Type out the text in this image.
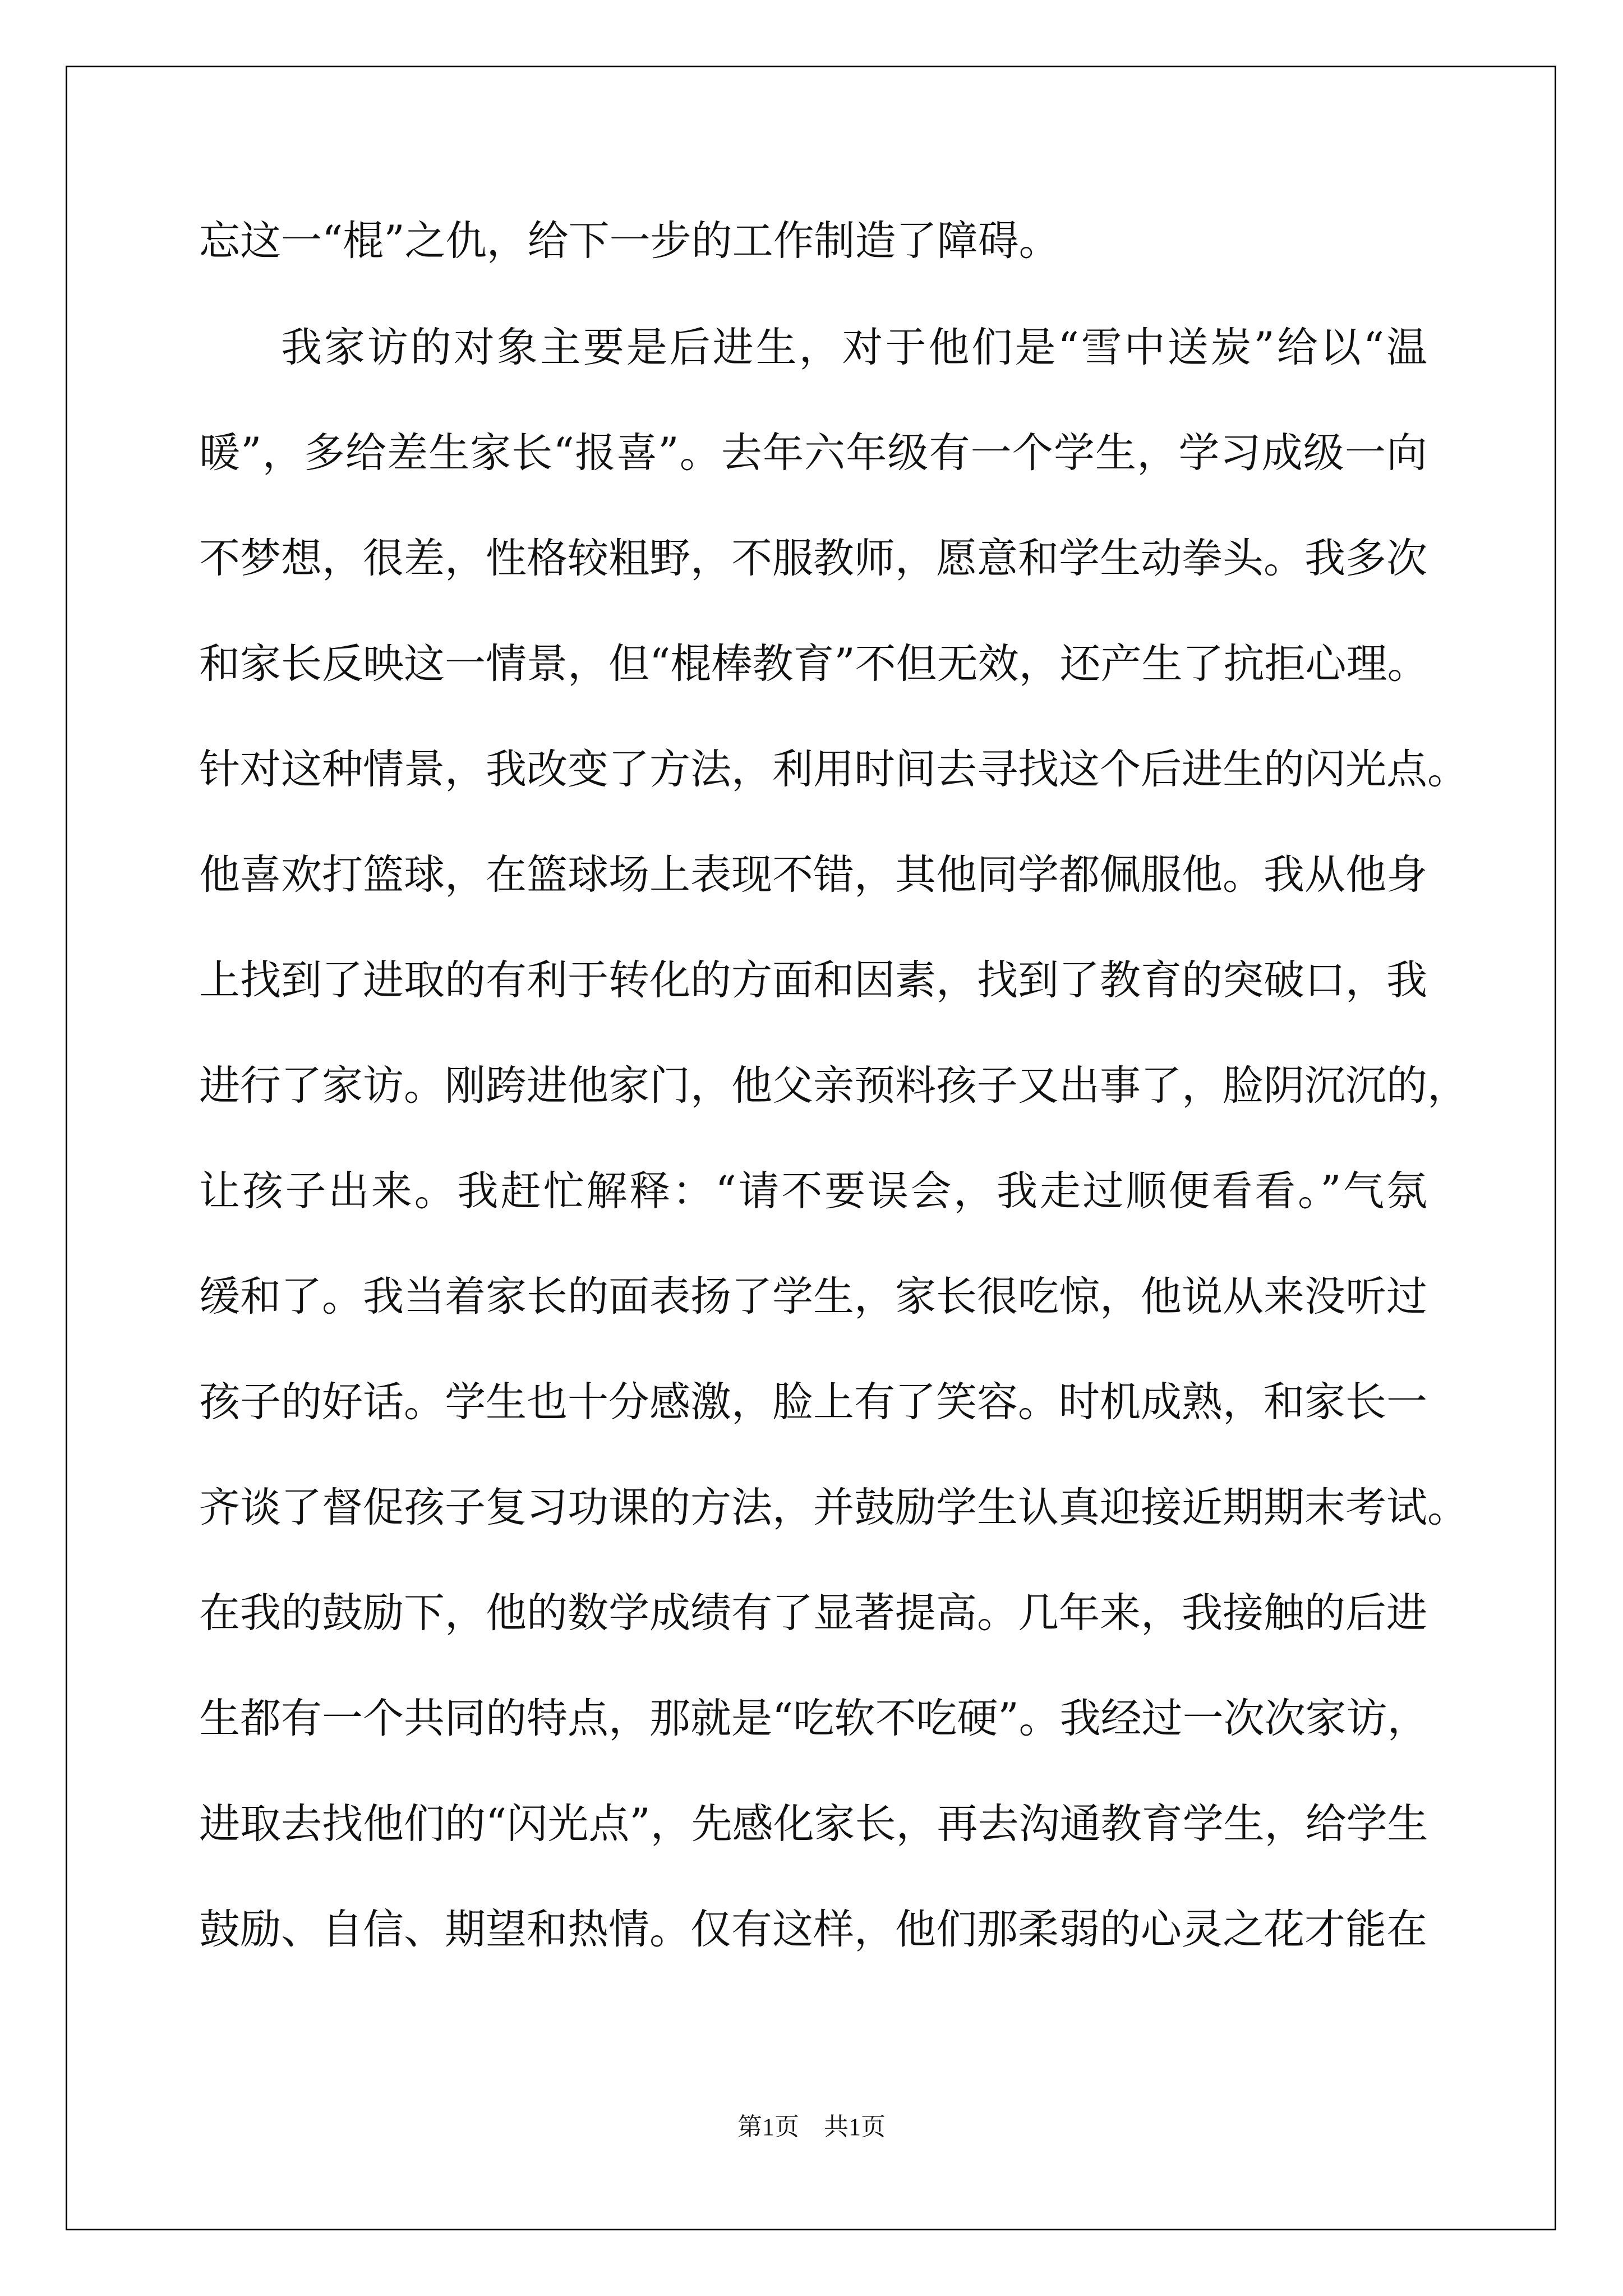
忘这一“棍”之仇，给下一步的工作制造了障碍。
我家访的对象主要是后进生，对于他们是“雪中送炭”给以“温
暖”，多给差生家长“报喜”。去年六年级有一个学生，学习成级一向
不梦想，很差，性格较粗野，不服教师，愿意和学生动拳头。我多次
和家长反映这一情景，但“棍棒教育”不但无效，还产生了抗拒心理。
针对这种情景，我改变了方法，利用时间去寻找这个后进生的闪光点。
他喜欢打篮球，在篮球场上表现不错，其他同学都佩服他。我从他身
上找到了进取的有利于转化的方面和因素，找到了教育的突破口，我
进行了家访。刚跨进他家门，他父亲预料孩子又出事了，脸阴沉沉的，
让孩子出来。我赶忙解释：“请不要误会，我走过顺便看看。”气氛
缓和了。我当着家长的面表扬了学生，家长很吃惊，他说从来没听过
孩子的好话。学生也十分感激，脸上有了笑容。时机成熟，和家长一
齐谈了督促孩子复习功课的方法，并鼓励学生认真迎接近期期末考试。
在我的鼓励下，他的数学成绩有了显著提高。几年来，我接触的后进
生都有一个共同的特点，那就是“吃软不吃硬”。我经过一次次家访，
进取去找他们的“闪光点”，先感化家长，再去沟通教育学生，给学生
鼓励、自信、期望和热情。仅有这样，他们那柔弱的心灵之花才能在
第1页 共1页
